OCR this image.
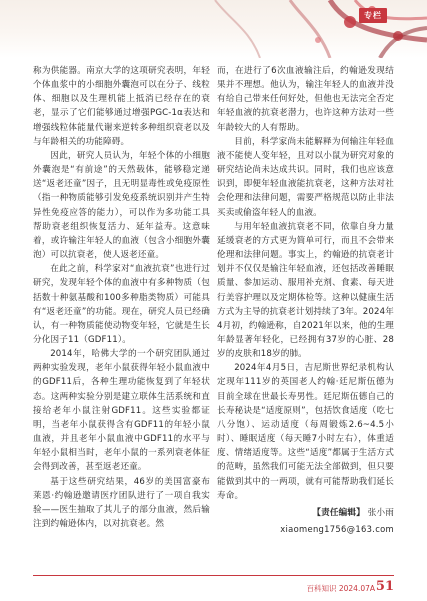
专栏

称为供能器。南京大学的这项研究表明，年轻个体血浆中的小细胞外囊泡可以在分子、线粒体、细胞以及生理机能上抵消已经存在的衰老，显示了它们能够通过增强PGC-1α表达和增强线粒体能量代谢来逆转多种组织衰老以及与年龄相关的功能障碍。

因此，研究人员认为，年轻个体的小细胞外囊泡是“有前途”的天然载体，能够稳定递送“返老还童”因子，且无明显毒性或免疫原性（指一种物质能够引发免疫系统识别并产生特异性免疫应答的能力），可以作为多功能工具帮助衰老组织恢复活力、延年益寿。这意味着，或许输注年轻人的血液（包含小细胞外囊泡）可以抗衰老，使人返老还童。

在此之前，科学家对“血液抗衰”也进行过研究，发现年轻个体的血液中有多种物质（包括数十种氨基酸和100多种脂类物质）可能具有“返老还童”的功能。现在，研究人员已经确认，有一种物质能使动物变年轻，它就是生长分化因子11（GDF11）。

2014年，哈佛大学的一个研究团队通过两种实验发现，老年小鼠获得年轻小鼠血液中的GDF11后，各种生理功能恢复到了年轻状态。这两种实验分别是建立联体生活系统和直接给老年小鼠注射GDF11。这些实验都证明，当老年小鼠获得含有GDF11的年轻小鼠血液，并且老年小鼠血液中GDF11的水平与年轻小鼠相当时，老年小鼠的一系列衰老体征会得到改善，甚至返老还童。

基于这些研究结果，46岁的美国富豪布莱恩·约翰逊邀请医疗团队进行了一项自我实验——医生抽取了其儿子的部分血液，然后输注到约翰逊体内，以对抗衰老。然

而，在进行了6次血液输注后，约翰逊发现结果并不理想。他认为，输注年轻人的血液并没有给自己带来任何好处，但他也无法完全否定年轻血液的抗衰老潜力，也许这种方法对一些年龄较大的人有帮助。

目前，科学家尚未能解释为何输注年轻血液不能使人变年轻，且对以小鼠为研究对象的研究结论尚未达成共识。同时，我们也应该意识到，即便年轻血液能抗衰老，这种方法对社会伦理和法律问题，需要严格规范以防止非法买卖或偷盗年轻人的血液。

与用年轻血液抗衰老不同，依靠自身力量延缓衰老的方式更为简单可行，而且不会带来伦理和法律问题。事实上，约翰逊的抗衰老计划并不仅仅是输注年轻血液，还包括改善睡眠质量、参加运动、服用补充剂、食素、每天进行美容护理以及定期体检等。这种以健康生活方式为主导的抗衰老计划持续了3年。2024年4月初，约翰逊称，自2021年以来，他的生理年龄显著年轻化，已经拥有37岁的心脏、28岁的皮肤和18岁的肺。

2024年4月5日，吉尼斯世界纪录机构认定现年111岁的英国老人约翰·廷尼斯伍德为目前全球在世最长寿男性。廷尼斯伍德自己的长寿秘诀是“适度原则”，包括饮食适度（吃七八分饱）、运动适度（每周锻炼2.6~4.5小时）、睡眠适度（每天睡7小时左右），体重适度、情绪适度等。这些“适度”都属于生活方式的范畴，虽然我们可能无法全部做到，但只要能做到其中的一两项，就有可能帮助我们延长寿命。

【责任编辑】 张小雨
xiaomeng1756@163.com
百科知识 2024.07A 51
